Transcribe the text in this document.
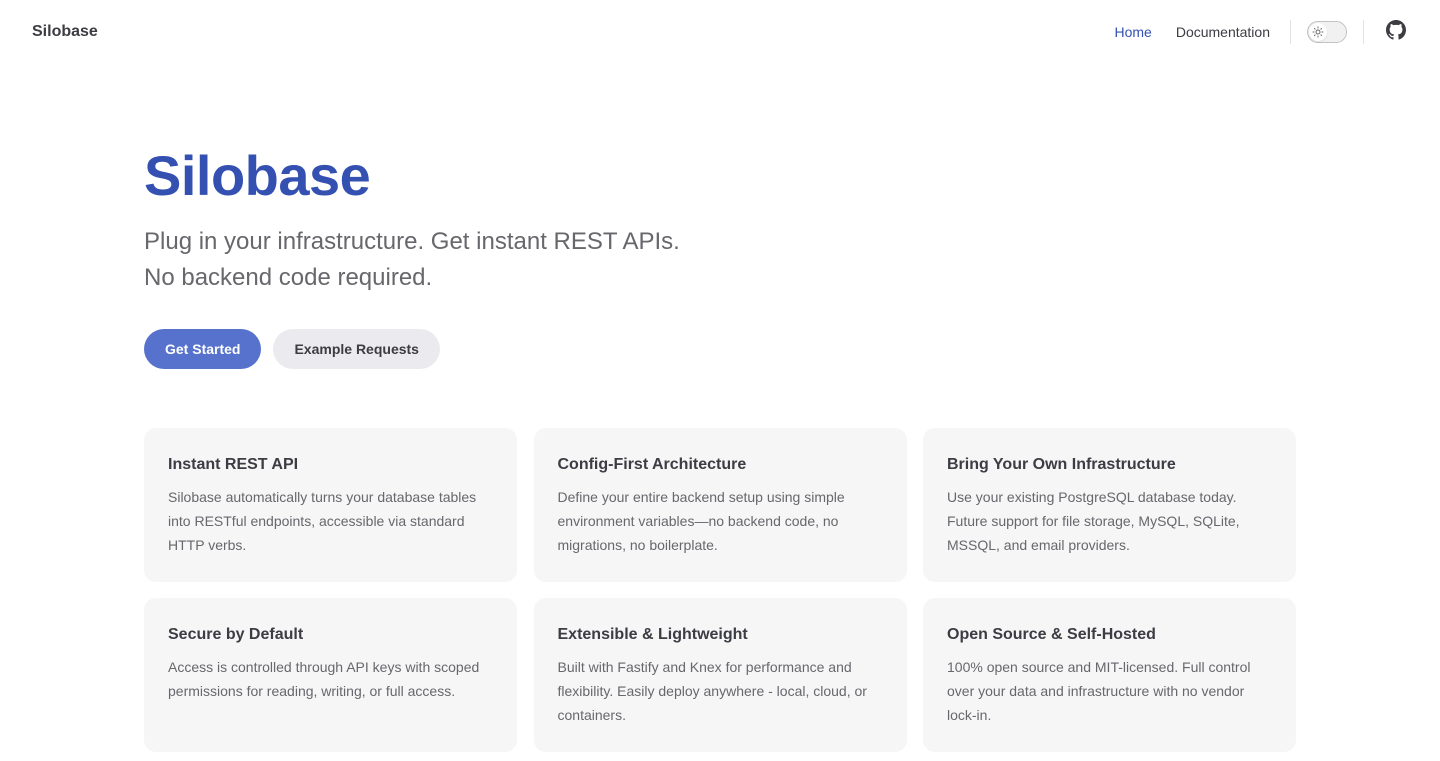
Silobase	Home	Documentation
Silobase

Plug in your infrastructure. Get instant REST APIs.
No backend code required.

Get Started	Example Requests
Instant REST API

Silobase automatically turns your database tables into RESTful endpoints, accessible via standard HTTP verbs.

Config-First Architecture

Define your entire backend setup using simple environment variables—no backend code, no migrations, no boilerplate.

Bring Your Own Infrastructure

Use your existing PostgreSQL database today. Future support for file storage, MySQL, SQLite, MSSQL, and email providers.

Secure by Default

Access is controlled through API keys with scoped permissions for reading, writing, or full access.

Extensible & Lightweight

Built with Fastify and Knex for performance and flexibility. Easily deploy anywhere - local, cloud, or containers.

Open Source & Self-Hosted

100% open source and MIT-licensed. Full control over your data and infrastructure with no vendor lock-in.
